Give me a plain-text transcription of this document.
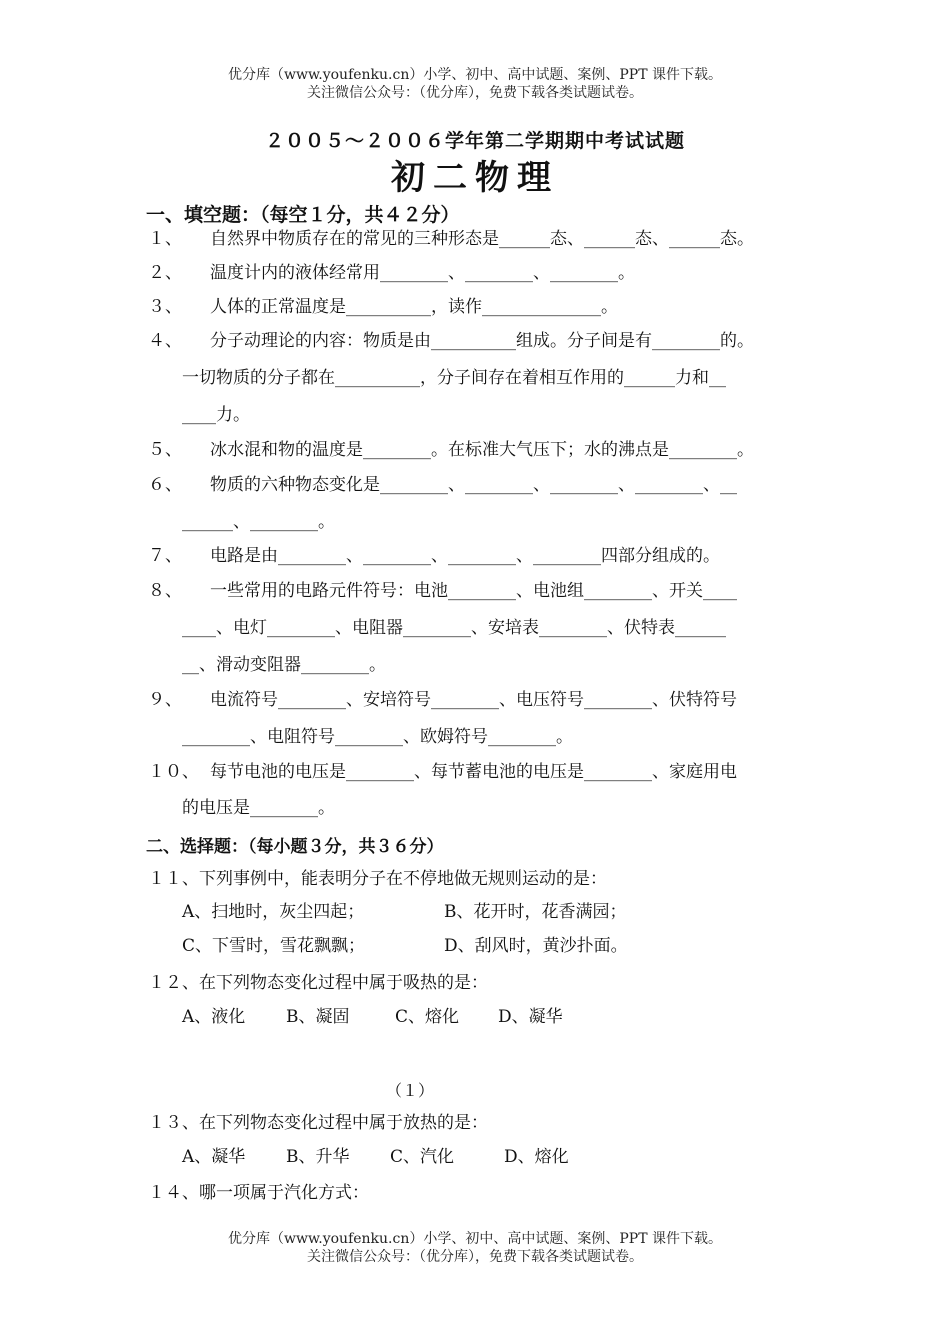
优分库（www.youfenku.cn）小学、初中、高中试题、案例、PPT 课件下载。
关注微信公众号：（优分库），免费下载各类试题试卷。
２００５～２００６学年第二学期期中考试试题
初二物理
一、填空题：（每空１分，共４２分）
１、 自然界中物质存在的常见的三种形态是______态、______态、______态。
２、 温度计内的液体经常用________、________、________。
３、 人体的正常温度是__________，读作______________。
４、 分子动理论的内容：物质是由__________组成。分子间是有________的。
一切物质的分子都在__________，分子间存在着相互作用的______力和__
____力。
５、 冰水混和物的温度是________。在标准大气压下；水的沸点是________。
６、 物质的六种物态变化是________、________、________、________、__
______、________。
７、 电路是由________、________、________、________四部分组成的。
８、 一些常用的电路元件符号：电池________、电池组________、开关____
____、电灯________、电阻器________、安培表________、伏特表______
__、滑动变阻器________。
９、 电流符号________、安培符号________、电压符号________、伏特符号
________、电阻符号________、欧姆符号________。
１０、 每节电池的电压是________、每节蓄电池的电压是________、家庭用电
的电压是________。
二、选择题：（每小题３分，共３６分）
１１、下列事例中，能表明分子在不停地做无规则运动的是：
A、扫地时，灰尘四起；	B、花开时，花香满园；
C、下雪时，雪花飘飘；	D、刮风时，黄沙扑面。
１２、在下列物态变化过程中属于吸热的是：
A、液化 B、凝固	C、熔化 D、凝华
（１）
１３、在下列物态变化过程中属于放热的是：
A、凝华 B、升华 C、汽化	D、熔化
１４、哪一项属于汽化方式：
优分库（www.youfenku.cn）小学、初中、高中试题、案例、PPT 课件下载。
关注微信公众号：（优分库），免费下载各类试题试卷。
